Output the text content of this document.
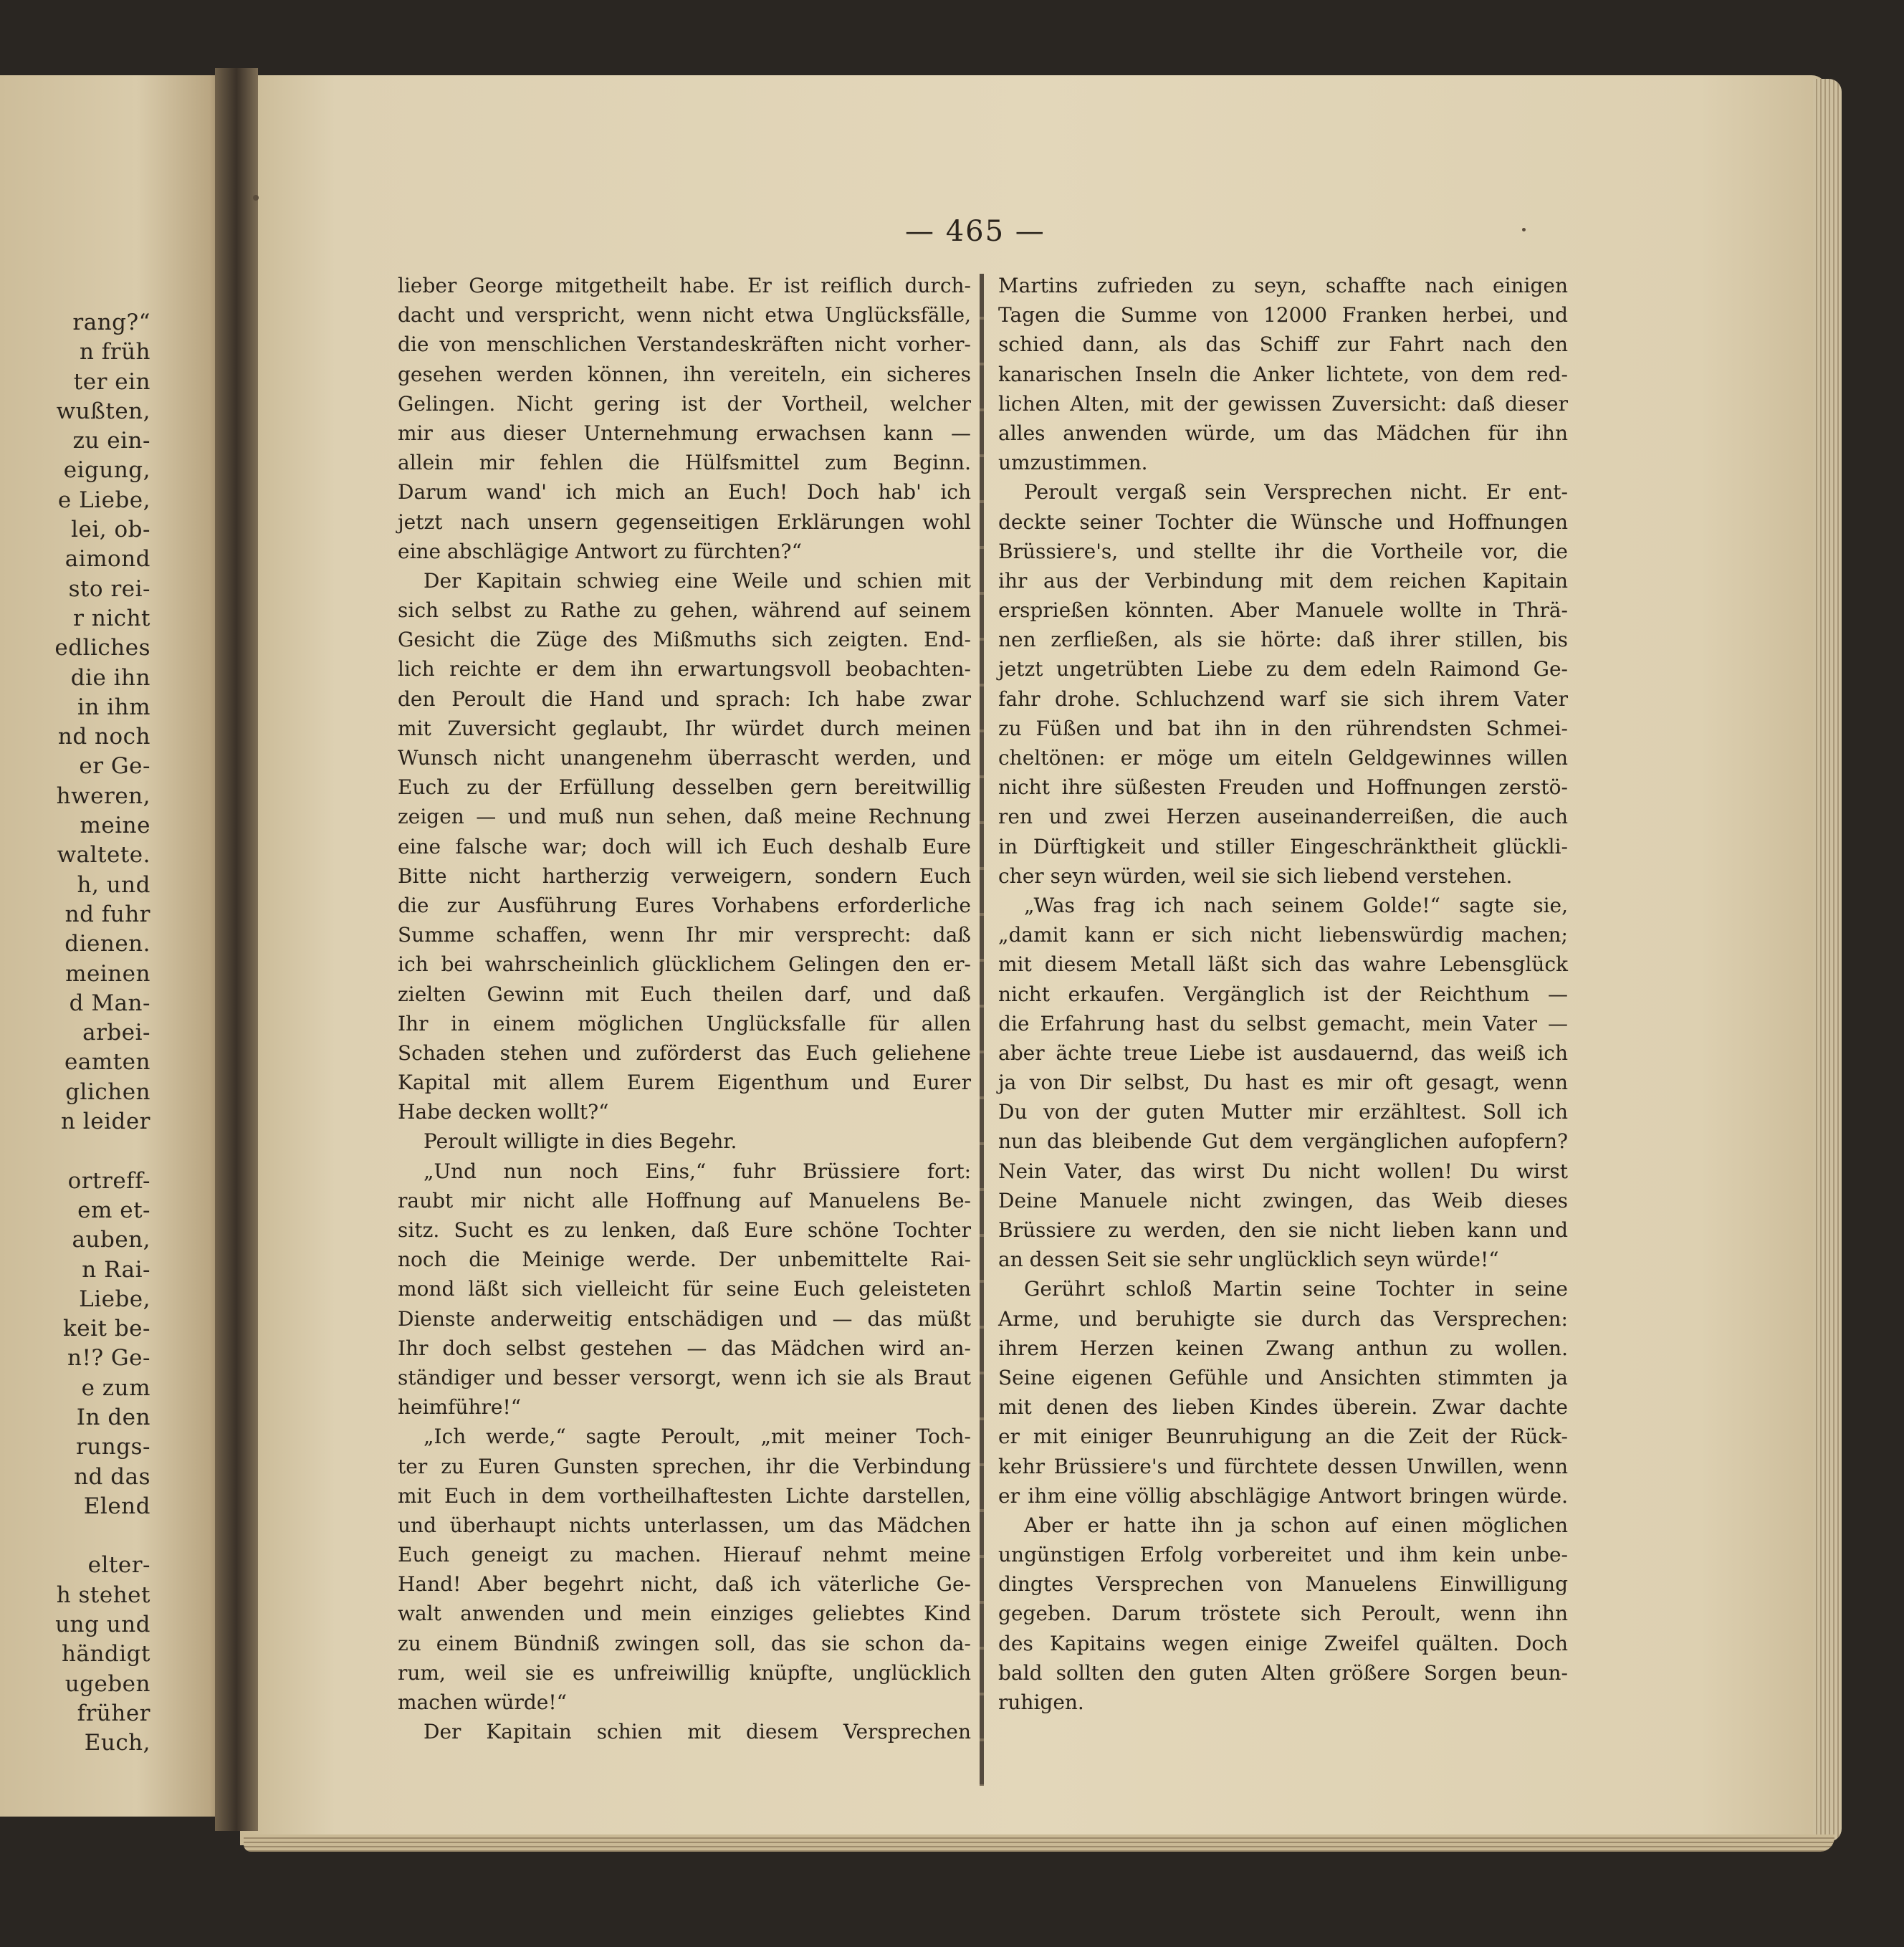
rang?“
n früh
ter ein
wußten,
zu ein-
eigung,
e Liebe,
lei, ob-
aimond
sto rei-
r nicht
edliches
die ihn
in ihm
nd noch
er Ge-
hweren,
meine
waltete.
h, und
nd fuhr
dienen.
meinen
d Man-
arbei-
eamten
glichen
n leider
ortreff-
em et-
auben,
n Rai-
Liebe,
keit be-
n!? Ge-
e zum
In den
rungs-
nd das
Elend
elter-
h stehet
ung und
händigt
ugeben
früher
Euch,
— 465 —
lieber George mitgetheilt habe. Er ist reiflich durch-
dacht und verspricht, wenn nicht etwa Unglücksfälle,
die von menschlichen Verstandeskräften nicht vorher-
gesehen werden können, ihn vereiteln, ein sicheres
Gelingen. Nicht gering ist der Vortheil, welcher
mir aus dieser Unternehmung erwachsen kann —
allein mir fehlen die Hülfsmittel zum Beginn.
Darum wand' ich mich an Euch! Doch hab' ich
jetzt nach unsern gegenseitigen Erklärungen wohl
eine abschlägige Antwort zu fürchten?“
Der Kapitain schwieg eine Weile und schien mit
sich selbst zu Rathe zu gehen, während auf seinem
Gesicht die Züge des Mißmuths sich zeigten. End-
lich reichte er dem ihn erwartungsvoll beobachten-
den Peroult die Hand und sprach: Ich habe zwar
mit Zuversicht geglaubt, Ihr würdet durch meinen
Wunsch nicht unangenehm überrascht werden, und
Euch zu der Erfüllung desselben gern bereitwillig
zeigen — und muß nun sehen, daß meine Rechnung
eine falsche war; doch will ich Euch deshalb Eure
Bitte nicht hartherzig verweigern, sondern Euch
die zur Ausführung Eures Vorhabens erforderliche
Summe schaffen, wenn Ihr mir versprecht: daß
ich bei wahrscheinlich glücklichem Gelingen den er-
zielten Gewinn mit Euch theilen darf, und daß
Ihr in einem möglichen Unglücksfalle für allen
Schaden stehen und zuförderst das Euch geliehene
Kapital mit allem Eurem Eigenthum und Eurer
Habe decken wollt?“
Peroult willigte in dies Begehr.
„Und nun noch Eins,“ fuhr Brüssiere fort:
raubt mir nicht alle Hoffnung auf Manuelens Be-
sitz. Sucht es zu lenken, daß Eure schöne Tochter
noch die Meinige werde. Der unbemittelte Rai-
mond läßt sich vielleicht für seine Euch geleisteten
Dienste anderweitig entschädigen und — das müßt
Ihr doch selbst gestehen — das Mädchen wird an-
ständiger und besser versorgt, wenn ich sie als Braut
heimführe!“
„Ich werde,“ sagte Peroult, „mit meiner Toch-
ter zu Euren Gunsten sprechen, ihr die Verbindung
mit Euch in dem vortheilhaftesten Lichte darstellen,
und überhaupt nichts unterlassen, um das Mädchen
Euch geneigt zu machen. Hierauf nehmt meine
Hand! Aber begehrt nicht, daß ich väterliche Ge-
walt anwenden und mein einziges geliebtes Kind
zu einem Bündniß zwingen soll, das sie schon da-
rum, weil sie es unfreiwillig knüpfte, unglücklich
machen würde!“
Der Kapitain schien mit diesem Versprechen
Martins zufrieden zu seyn, schaffte nach einigen
Tagen die Summe von 12000 Franken herbei, und
schied dann, als das Schiff zur Fahrt nach den
kanarischen Inseln die Anker lichtete, von dem red-
lichen Alten, mit der gewissen Zuversicht: daß dieser
alles anwenden würde, um das Mädchen für ihn
umzustimmen.
Peroult vergaß sein Versprechen nicht. Er ent-
deckte seiner Tochter die Wünsche und Hoffnungen
Brüssiere's, und stellte ihr die Vortheile vor, die
ihr aus der Verbindung mit dem reichen Kapitain
ersprießen könnten. Aber Manuele wollte in Thrä-
nen zerfließen, als sie hörte: daß ihrer stillen, bis
jetzt ungetrübten Liebe zu dem edeln Raimond Ge-
fahr drohe. Schluchzend warf sie sich ihrem Vater
zu Füßen und bat ihn in den rührendsten Schmei-
cheltönen: er möge um eiteln Geldgewinnes willen
nicht ihre süßesten Freuden und Hoffnungen zerstö-
ren und zwei Herzen auseinanderreißen, die auch
in Dürftigkeit und stiller Eingeschränktheit glückli-
cher seyn würden, weil sie sich liebend verstehen.
„Was frag ich nach seinem Golde!“ sagte sie,
„damit kann er sich nicht liebenswürdig machen;
mit diesem Metall läßt sich das wahre Lebensglück
nicht erkaufen. Vergänglich ist der Reichthum —
die Erfahrung hast du selbst gemacht, mein Vater —
aber ächte treue Liebe ist ausdauernd, das weiß ich
ja von Dir selbst, Du hast es mir oft gesagt, wenn
Du von der guten Mutter mir erzähltest. Soll ich
nun das bleibende Gut dem vergänglichen aufopfern?
Nein Vater, das wirst Du nicht wollen! Du wirst
Deine Manuele nicht zwingen, das Weib dieses
Brüssiere zu werden, den sie nicht lieben kann und
an dessen Seit sie sehr unglücklich seyn würde!“
Gerührt schloß Martin seine Tochter in seine
Arme, und beruhigte sie durch das Versprechen:
ihrem Herzen keinen Zwang anthun zu wollen.
Seine eigenen Gefühle und Ansichten stimmten ja
mit denen des lieben Kindes überein. Zwar dachte
er mit einiger Beunruhigung an die Zeit der Rück-
kehr Brüssiere's und fürchtete dessen Unwillen, wenn
er ihm eine völlig abschlägige Antwort bringen würde.
Aber er hatte ihn ja schon auf einen möglichen
ungünstigen Erfolg vorbereitet und ihm kein unbe-
dingtes Versprechen von Manuelens Einwilligung
gegeben. Darum tröstete sich Peroult, wenn ihn
des Kapitains wegen einige Zweifel quälten. Doch
bald sollten den guten Alten größere Sorgen beun-
ruhigen.
